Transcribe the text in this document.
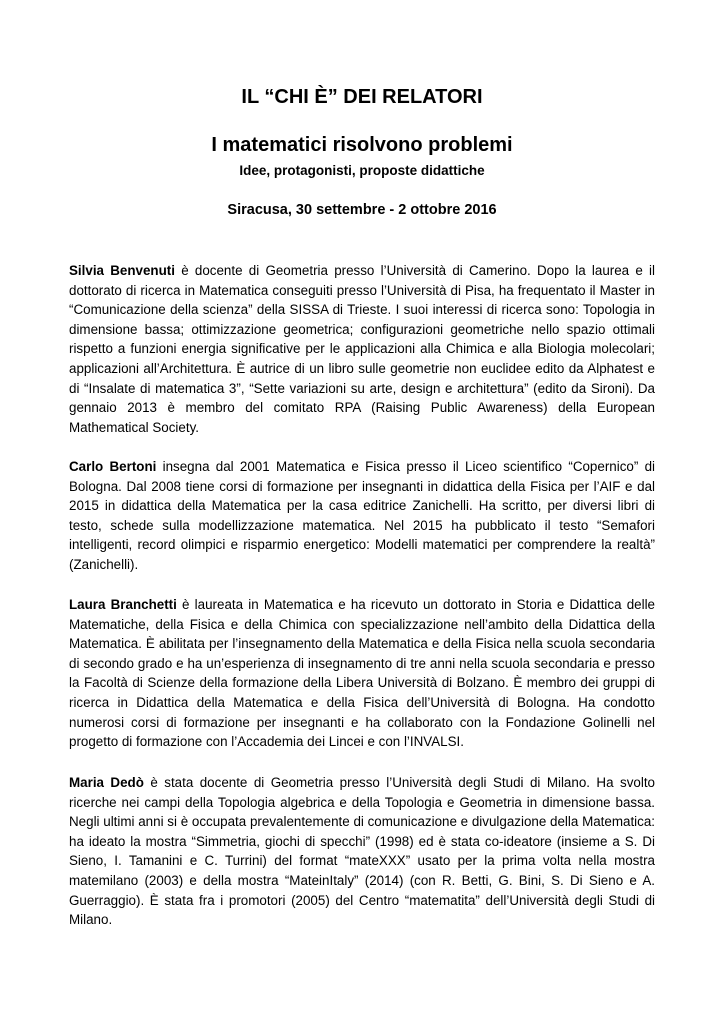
IL “CHI È” DEI RELATORI
I matematici risolvono problemi
Idee, protagonisti, proposte didattiche
Siracusa, 30 settembre - 2 ottobre 2016

Silvia Benvenuti è docente di Geometria presso l’Università di Camerino. Dopo la laurea e il dottorato di ricerca in Matematica conseguiti presso l’Università di Pisa, ha frequentato il Master in “Comunicazione della scienza” della SISSA di Trieste. I suoi interessi di ricerca sono: Topologia in dimensione bassa; ottimizzazione geometrica; configurazioni geometriche nello spazio ottimali rispetto a funzioni energia significative per le applicazioni alla Chimica e alla Biologia molecolari; applicazioni all’Architettura. È autrice di un libro sulle geometrie non euclidee edito da Alphatest e di “Insalate di matematica 3”, “Sette variazioni su arte, design e architettura” (edito da Sironi). Da gennaio 2013 è membro del comitato RPA (Raising Public Awareness) della European Mathematical Society.

Carlo Bertoni insegna dal 2001 Matematica e Fisica presso il Liceo scientifico “Copernico” di Bologna. Dal 2008 tiene corsi di formazione per insegnanti in didattica della Fisica per l’AIF e dal 2015 in didattica della Matematica per la casa editrice Zanichelli. Ha scritto, per diversi libri di testo, schede sulla modellizzazione matematica. Nel 2015 ha pubblicato il testo “Semafori intelligenti, record olimpici e risparmio energetico: Modelli matematici per comprendere la realtà” (Zanichelli).

Laura Branchetti è laureata in Matematica e ha ricevuto un dottorato in Storia e Didattica delle Matematiche, della Fisica e della Chimica con specializzazione nell’ambito della Didattica della Matematica. È abilitata per l’insegnamento della Matematica e della Fisica nella scuola secondaria di secondo grado e ha un’esperienza di insegnamento di tre anni nella scuola secondaria e presso la Facoltà di Scienze della formazione della Libera Università di Bolzano. È membro dei gruppi di ricerca in Didattica della Matematica e della Fisica dell’Università di Bologna. Ha condotto numerosi corsi di formazione per insegnanti e ha collaborato con la Fondazione Golinelli nel progetto di formazione con l’Accademia dei Lincei e con l’INVALSI.

Maria Dedò è stata docente di Geometria presso l’Università degli Studi di Milano. Ha svolto ricerche nei campi della Topologia algebrica e della Topologia e Geometria in dimensione bassa. Negli ultimi anni si è occupata prevalentemente di comunicazione e divulgazione della Matematica: ha ideato la mostra “Simmetria, giochi di specchi” (1998) ed è stata co-ideatore (insieme a S. Di Sieno, I. Tamanini e C. Turrini) del format “mateXXX” usato per la prima volta nella mostra matemilano (2003) e della mostra “MateinItaly” (2014) (con R. Betti, G. Bini, S. Di Sieno e A. Guerraggio). È stata fra i promotori (2005) del Centro “matematita” dell’Università degli Studi di Milano.
